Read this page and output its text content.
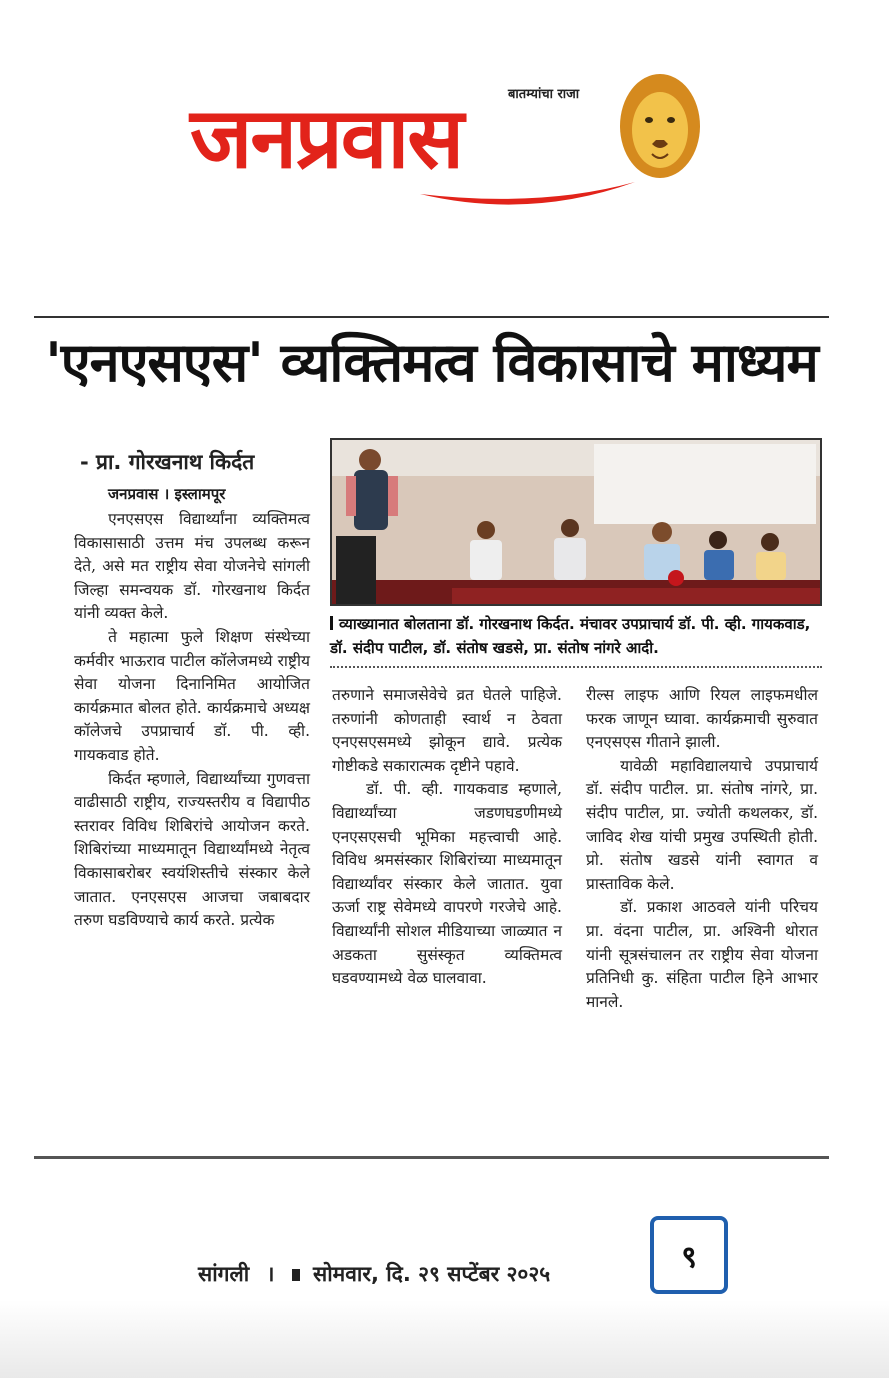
बातम्यांचा राजा
जनप्रवास
'एनएसएस' व्यक्तिमत्व विकासाचे माध्यम
- प्रा. गोरखनाथ किर्दत
जनप्रवास । इस्लामपूर

एनएसएस विद्यार्थ्यांना व्यक्तिमत्व विकासासाठी उत्तम मंच उपलब्ध करून देते, असे मत राष्ट्रीय सेवा योजनेचे सांगली जिल्हा समन्वयक डॉ. गोरखनाथ किर्दत यांनी व्यक्त केले.

ते महात्मा फुले शिक्षण संस्थेच्या कर्मवीर भाऊराव पाटील कॉलेजमध्ये राष्ट्रीय सेवा योजना दिनानिमित आयोजित कार्यक्रमात बोलत होते. कार्यक्रमाचे अध्यक्ष कॉलेजचे उपप्राचार्य डॉ. पी. व्ही. गायकवाड होते.

किर्दत म्हणाले, विद्यार्थ्यांच्या गुणवत्ता वाढीसाठी राष्ट्रीय, राज्यस्तरीय व विद्यापीठ स्तरावर विविध शिबिरांचे आयोजन करते. शिबिरांच्या माध्यमातून विद्यार्थ्यांमध्ये नेतृत्व विकासाबरोबर स्वयंशिस्तीचे संस्कार केले जातात. एनएसएस आजचा जबाबदार तरुण घडविण्याचे कार्य करते. प्रत्येक

व्याख्यानात बोलताना डॉ. गोरखनाथ किर्दत. मंचावर उपप्राचार्य डॉ. पी. व्ही. गायकवाड, डॉ. संदीप पाटील, डॉ. संतोष खडसे, प्रा. संतोष नांगरे आदी.

तरुणाने समाजसेवेचे व्रत घेतले पाहिजे. तरुणांनी कोणताही स्वार्थ न ठेवता एनएसएसमध्ये झोकून द्यावे. प्रत्येक गोष्टीकडे सकारात्मक दृष्टीने पहावे.

डॉ. पी. व्ही. गायकवाड म्हणाले, विद्यार्थ्यांच्या जडणघडणीमध्ये एनएसएसची भूमिका महत्त्वाची आहे. विविध श्रमसंस्कार शिबिरांच्या माध्यमातून विद्यार्थ्यांवर संस्कार केले जातात. युवा ऊर्जा राष्ट्र सेवेमध्ये वापरणे गरजेचे आहे. विद्यार्थ्यांनी सोशल मीडियाच्या जाळ्यात न अडकता सुसंस्कृत व्यक्तिमत्व घडवण्यामध्ये वेळ घालवावा.

रील्स लाइफ आणि रियल लाइफमधील फरक जाणून घ्यावा. कार्यक्रमाची सुरुवात एनएसएस गीताने झाली.

यावेळी महाविद्यालयाचे उपप्राचार्य डॉ. संदीप पाटील. प्रा. संतोष नांगरे, प्रा. संदीप पाटील, प्रा. ज्योती कथलकर, डॉ. जाविद शेख यांची प्रमुख उपस्थिती होती. प्रो. संतोष खडसे यांनी स्वागत व प्रास्ताविक केले.

डॉ. प्रकाश आठवले यांनी परिचय प्रा. वंदना पाटील, प्रा. अश्विनी थोरात यांनी सूत्रसंचालन तर राष्ट्रीय सेवा योजना प्रतिनिधी कु. संहिता पाटील हिने आभार मानले.

सांगली । सोमवार, दि. २९ सप्टेंबर २०२५	९
